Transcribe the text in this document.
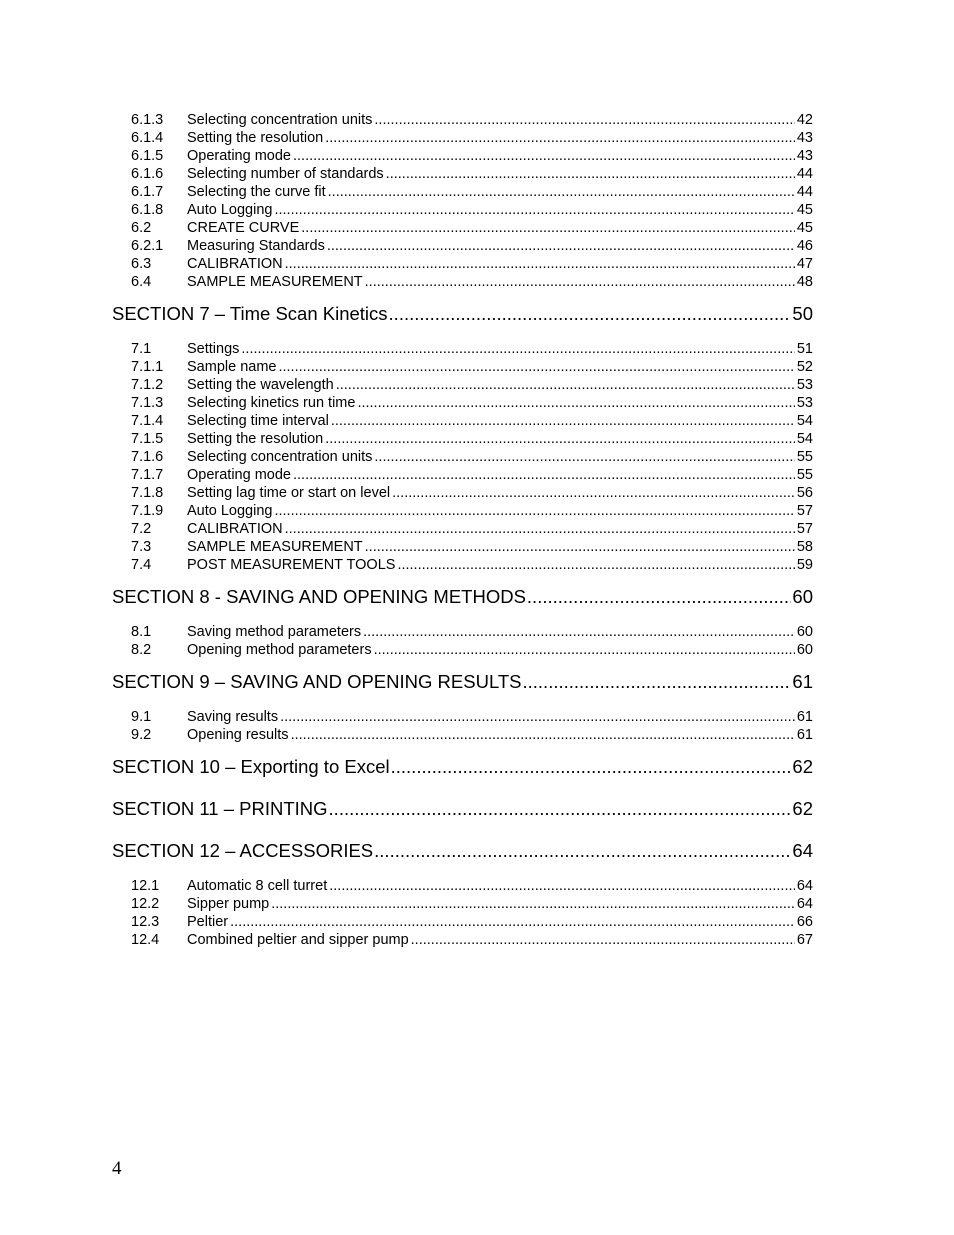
6.1.3	Selecting concentration units .....	42
6.1.4	Setting the resolution .....	43
6.1.5	Operating mode .....	43
6.1.6	Selecting number of standards .....	44
6.1.7	Selecting the curve fit .....	44
6.1.8	Auto Logging .....	45
6.2	CREATE CURVE .....	45
6.2.1	Measuring Standards .....	46
6.3	CALIBRATION .....	47
6.4	SAMPLE MEASUREMENT .....	48
SECTION 7 – Time Scan Kinetics .....	50
7.1	Settings .....	51
7.1.1	Sample name .....	52
7.1.2	Setting the wavelength .....	53
7.1.3	Selecting kinetics run time .....	53
7.1.4	Selecting time interval .....	54
7.1.5	Setting the resolution .....	54
7.1.6	Selecting concentration units .....	55
7.1.7	Operating mode .....	55
7.1.8	Setting lag time or start on level .....	56
7.1.9	Auto Logging .....	57
7.2	CALIBRATION .....	57
7.3	SAMPLE MEASUREMENT .....	58
7.4	POST MEASUREMENT TOOLS .....	59
SECTION 8 - SAVING AND OPENING METHODS .....	60
8.1	Saving method parameters .....	60
8.2	Opening method parameters .....	60
SECTION 9 – SAVING AND OPENING RESULTS .....	61
9.1	Saving results .....	61
9.2	Opening results .....	61
SECTION 10 – Exporting to Excel .....	62
SECTION 11 – PRINTING .....	62
SECTION 12 – ACCESSORIES .....	64
12.1	Automatic 8 cell turret .....	64
12.2	Sipper pump .....	64
12.3	Peltier .....	66
12.4	Combined peltier and sipper pump .....	67
4
